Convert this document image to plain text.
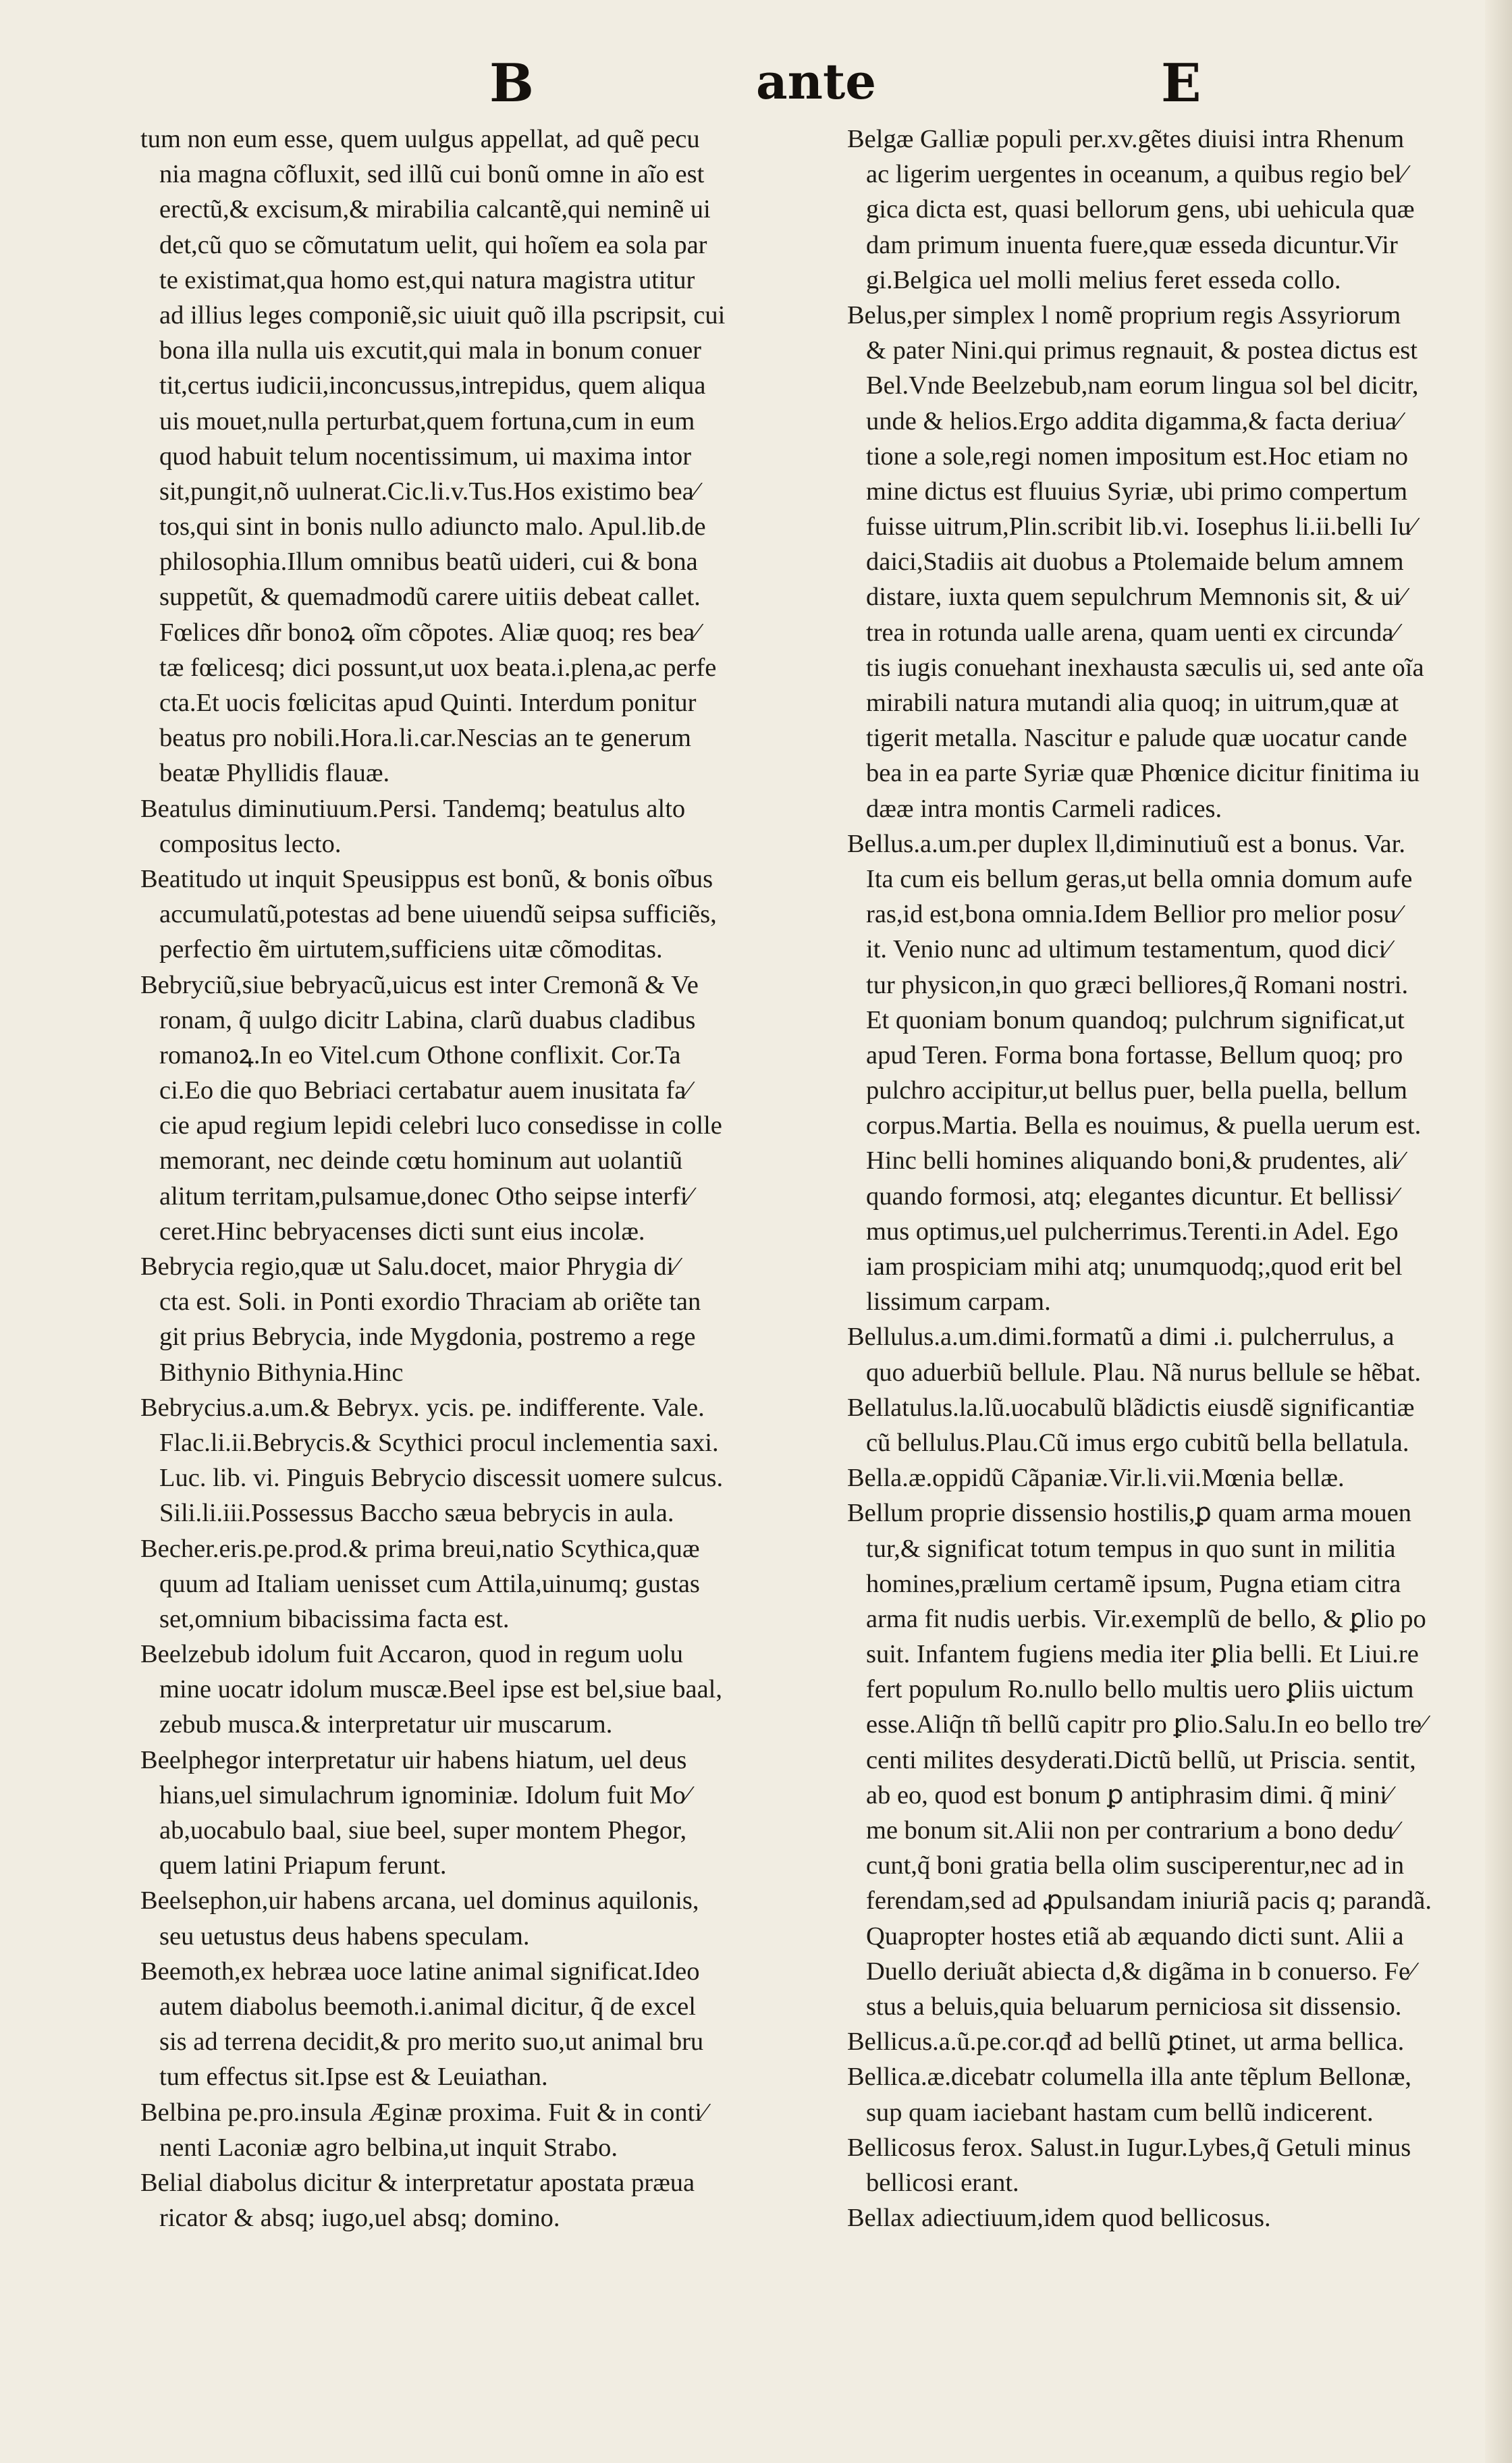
B	ante	E
tum non eum esse, quem uulgus appellat, ad quẽ pecu
nia magna cõfluxit, sed illũ cui bonũ omne in aĩo est
erectũ,& excisum,& mirabilia calcantẽ,qui neminẽ ui
det,cũ quo se cõmutatum uelit, qui hoĩem ea sola par
te existimat,qua homo est,qui natura magistra utitur
ad illius leges componiẽ,sic uiuit quõ illa pscripsit, cui
bona illa nulla uis excutit,qui mala in bonum conuer
tit,certus iudicii,inconcussus,intrepidus, quem aliqua
uis mouet,nulla perturbat,quem fortuna,cum in eum
quod habuit telum nocentissimum, ui maxima intor
sit,pungit,nõ uulnerat.Cic.li.v.Tus.Hos existimo bea⁄
tos,qui sint in bonis nullo adiuncto malo. Apul.lib.de
philosophia.Illum omnibus beatũ uideri, cui & bona
suppetũt, & quemadmodũ carere uitiis debeat callet.
Fœlices dñr bonoꝝ oĩm cõpotes. Aliæ quoq; res bea⁄
tæ fœlicesq; dici possunt,ut uox beata.i.plena,ac perfe
cta.Et uocis fœlicitas apud Quinti. Interdum ponitur
beatus pro nobili.Hora.li.car.Nescias an te generum
beatæ Phyllidis flauæ.
Beatulus diminutiuum.Persi. Tandemq; beatulus alto
compositus lecto.
Beatitudo ut inquit Speusippus est bonũ, & bonis oĩbus
accumulatũ,potestas ad bene uiuendũ seipsa sufficiẽs,
perfectio ẽm uirtutem,sufficiens uitæ cõmoditas.
Bebryciũ,siue bebryacũ,uicus est inter Cremonã & Ve
ronam, q̃ uulgo dicitr Labina, clarũ duabus cladibus
romanoꝝ.In eo Vitel.cum Othone conflixit. Cor.Ta
ci.Eo die quo Bebriaci certabatur auem inusitata fa⁄
cie apud regium lepidi celebri luco consedisse in colle
memorant, nec deinde cœtu hominum aut uolantiũ
alitum territam,pulsamue,donec Otho seipse interfi⁄
ceret.Hinc bebryacenses dicti sunt eius incolæ.
Bebrycia regio,quæ ut Salu.docet, maior Phrygia di⁄
cta est. Soli. in Ponti exordio Thraciam ab oriẽte tan
git prius Bebrycia, inde Mygdonia, postremo a rege
Bithynio Bithynia.Hinc
Bebrycius.a.um.& Bebryx. ycis. pe. indifferente. Vale.
Flac.li.ii.Bebrycis.& Scythici procul inclementia saxi.
Luc. lib. vi. Pinguis Bebrycio discessit uomere sulcus.
Sili.li.iii.Possessus Baccho sæua bebrycis in aula.
Becher.eris.pe.prod.& prima breui,natio Scythica,quæ
quum ad Italiam uenisset cum Attila,uinumq; gustas
set,omnium bibacissima facta est.
Beelzebub idolum fuit Accaron, quod in regum uolu
mine uocatr idolum muscæ.Beel ipse est bel,siue baal,
zebub musca.& interpretatur uir muscarum.
Beelphegor interpretatur uir habens hiatum, uel deus
hians,uel simulachrum ignominiæ. Idolum fuit Mo⁄
ab,uocabulo baal, siue beel, super montem Phegor,
quem latini Priapum ferunt.
Beelsephon,uir habens arcana, uel dominus aquilonis,
seu uetustus deus habens speculam.
Beemoth,ex hebræa uoce latine animal significat.Ideo
autem diabolus beemoth.i.animal dicitur, q̃ de excel
sis ad terrena decidit,& pro merito suo,ut animal bru
tum effectus sit.Ipse est & Leuiathan.
Belbina pe.pro.insula Æginæ proxima. Fuit & in conti⁄
nenti Laconiæ agro belbina,ut inquit Strabo.
Belial diabolus dicitur & interpretatur apostata præua
ricator & absq; iugo,uel absq; domino.
Belgæ Galliæ populi per.xv.gẽtes diuisi intra Rhenum
ac ligerim uergentes in oceanum, a quibus regio bel⁄
gica dicta est, quasi bellorum gens, ubi uehicula quæ
dam primum inuenta fuere,quæ esseda dicuntur.Vir
gi.Belgica uel molli melius feret esseda collo.
Belus,per simplex l nomẽ proprium regis Assyriorum
& pater Nini.qui primus regnauit, & postea dictus est
Bel.Vnde Beelzebub,nam eorum lingua sol bel dicitr,
unde & helios.Ergo addita digamma,& facta deriua⁄
tione a sole,regi nomen impositum est.Hoc etiam no
mine dictus est fluuius Syriæ, ubi primo compertum
fuisse uitrum,Plin.scribit lib.vi. Iosephus li.ii.belli Iu⁄
daici,Stadiis ait duobus a Ptolemaide belum amnem
distare, iuxta quem sepulchrum Memnonis sit, & ui⁄
trea in rotunda ualle arena, quam uenti ex circunda⁄
tis iugis conuehant inexhausta sæculis ui, sed ante oĩa
mirabili natura mutandi alia quoq; in uitrum,quæ at
tigerit metalla. Nascitur e palude quæ uocatur cande
bea in ea parte Syriæ quæ Phœnice dicitur finitima iu
dææ intra montis Carmeli radices.
Bellus.a.um.per duplex ll,diminutiuũ est a bonus. Var.
Ita cum eis bellum geras,ut bella omnia domum aufe
ras,id est,bona omnia.Idem Bellior pro melior posu⁄
it. Venio nunc ad ultimum testamentum, quod dici⁄
tur physicon,in quo græci belliores,q̃ Romani nostri.
Et quoniam bonum quandoq; pulchrum significat,ut
apud Teren. Forma bona fortasse, Bellum quoq; pro
pulchro accipitur,ut bellus puer, bella puella, bellum
corpus.Martia. Bella es nouimus, & puella uerum est.
Hinc belli homines aliquando boni,& prudentes, ali⁄
quando formosi, atq; elegantes dicuntur. Et bellissi⁄
mus optimus,uel pulcherrimus.Terenti.in Adel. Ego
iam prospiciam mihi atq; unumquodq;,quod erit bel
lissimum carpam.
Bellulus.a.um.dimi.formatũ a dimi .i. pulcherrulus, a
quo aduerbiũ bellule. Plau. Nã nurus bellule se hẽbat.
Bellatulus.la.lũ.uocabulũ blãdictis eiusdẽ significantiæ
cũ bellulus.Plau.Cũ imus ergo cubitũ bella bellatula.
Bella.æ.oppidũ Cãpaniæ.Vir.li.vii.Mœnia bellæ.
Bellum proprie dissensio hostilis,ꝑ quam arma mouen
tur,& significat totum tempus in quo sunt in militia
homines,prælium certamẽ ipsum, Pugna etiam citra
arma fit nudis uerbis. Vir.exemplũ de bello, & ꝑlio po
suit. Infantem fugiens media iter ꝑlia belli. Et Liui.re
fert populum Ro.nullo bello multis uero ꝑliis uictum
esse.Aliq̃n tñ bellũ capitr pro ꝑlio.Salu.In eo bello tre⁄
centi milites desyderati.Dictũ bellũ, ut Priscia. sentit,
ab eo, quod est bonum ꝑ antiphrasim dimi. q̃ mini⁄
me bonum sit.Alii non per contrarium a bono dedu⁄
cunt,q̃ boni gratia bella olim susciperentur,nec ad in
ferendam,sed ad ꝓpulsandam iniuriã pacis q; parandã.
Quapropter hostes etiã ab æquando dicti sunt. Alii a
Duello deriuãt abiecta d,& digãma in b conuerso. Fe⁄
stus a beluis,quia beluarum perniciosa sit dissensio.
Bellicus.a.ũ.pe.cor.qđ ad bellũ ꝑtinet, ut arma bellica.
Bellica.æ.dicebatr columella illa ante tẽplum Bellonæ,
sup quam iaciebant hastam cum bellũ indicerent.
Bellicosus ferox. Salust.in Iugur.Lybes,q̃ Getuli minus
bellicosi erant.
Bellax adiectiuum,idem quod bellicosus.
